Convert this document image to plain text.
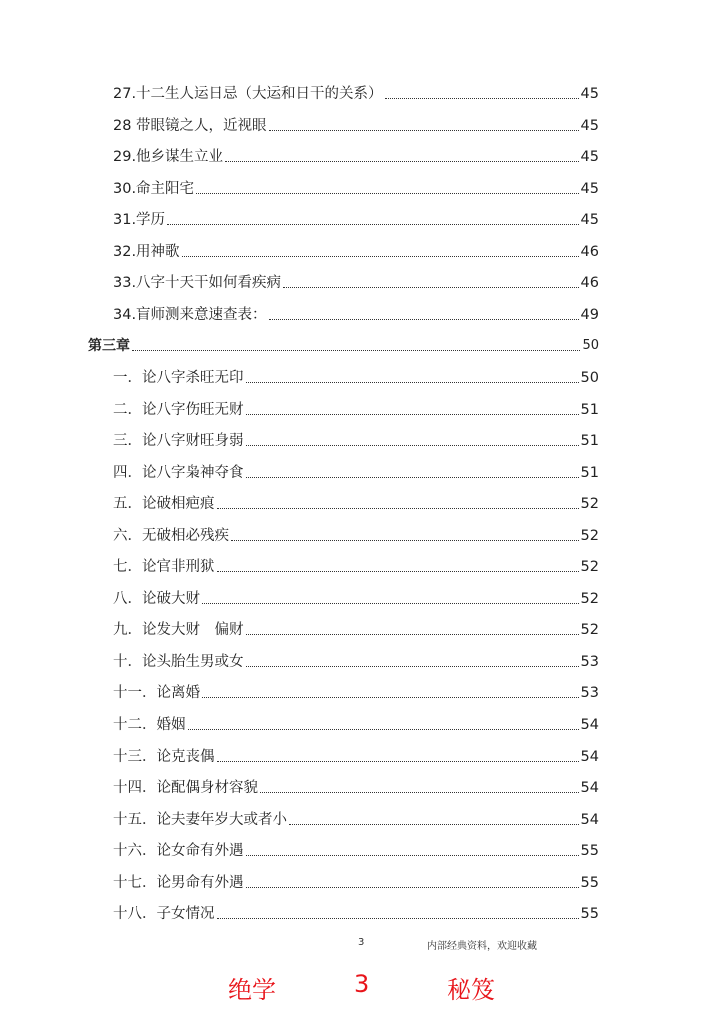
27.十二生人运日忌（大运和日干的关系）	45
28 带眼镜之人，近视眼	45
29.他乡谋生立业	45
30.命主阳宅	45
31.学历	45
32.用神歌	46
33.八字十天干如何看疾病	46
34.盲师测来意速查表：	49
第三章	50
一．论八字杀旺无印	50
二．论八字伤旺无财	51
三．论八字财旺身弱	51
四．论八字枭神夺食	51
五．论破相疤痕	52
六．无破相必残疾	52
七．论官非刑狱	52
八．论破大财	52
九．论发大财　偏财	52
十．论头胎生男或女	53
十一．论离婚	53
十二．婚姻	54
十三．论克丧偶	54
十四．论配偶身材容貌	54
十五．论夫妻年岁大或者小	54
十六．论女命有外遇	55
十七．论男命有外遇	55
十八．子女情况	55
3	内部经典资料，欢迎收藏
绝学	3	秘笈
